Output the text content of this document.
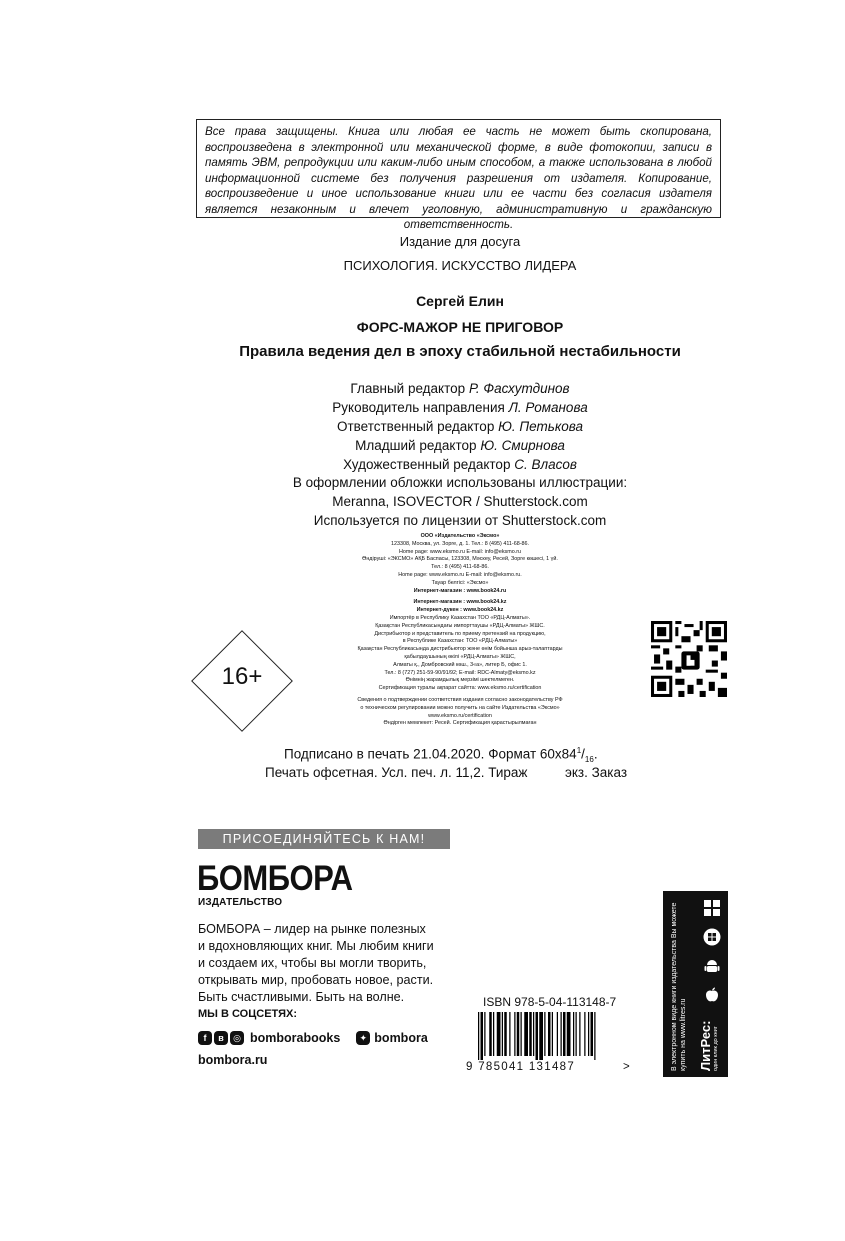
Все права защищены. Книга или любая ее часть не может быть скопирована, воспроизведена в электронной или механической форме, в виде фотокопии, записи в память ЭВМ, репродукции или каким-либо иным способом, а также использована в любой информационной системе без получения разрешения от издателя. Копирование, воспроизведение и иное использование книги или ее части без согласия издателя является незаконным и влечет уголовную, административную и гражданскую ответственность.
Издание для досуга
ПСИХОЛОГИЯ. ИСКУССТВО ЛИДЕРА
Сергей Елин
ФОРС-МАЖОР НЕ ПРИГОВОР
Правила ведения дел в эпоху стабильной нестабильности
Главный редактор Р. Фасхутдинов
Руководитель направления Л. Романова
Ответственный редактор Ю. Петькова
Младший редактор Ю. Смирнова
Художественный редактор С. Власов
В оформлении обложки использованы иллюстрации:
Meranna, ISOVECTOR / Shutterstock.com
Используется по лицензии от Shutterstock.com

ООО «Издательство «Эксмо»

123308, Москва, ул. Зорге, д. 1. Тел.: 8 (495) 411-68-86.

Home page: www.eksmo.ru E-mail: info@eksmo.ru

Өндіруші: «ЭКСМО» АҚБ Баспасы, 123308, Мәскеу, Ресей, Зорге көшесі, 1 үй.

Тел.: 8 (495) 411-68-86.

Home page: www.eksmo.ru E-mail: info@eksmo.ru.

Тауар белгісі: «Эксмо»

Интернет-магазин : www.book24.ru

Интернет-магазин : www.book24.kz

Интернет-дүкен : www.book24.kz

Импортёр в Республику Казахстан ТОО «РДЦ-Алматы».

Қазақстан Республикасындағы импорттаушы «РДЦ-Алматы» ЖШС.

Дистрибьютор и представитель по приему претензий на продукцию,

в Республике Казахстан: ТОО «РДЦ-Алматы»

Қазақстан Республикасында дистрибьютор және өнім бойынша арыз-талаптарды

қабылдаушының өкілі «РДЦ-Алматы» ЖШС,

Алматы қ., Домбровский көш., 3«а», литер Б, офис 1.

Тел.: 8 (727) 251-59-90/91/92; E-mail: RDC-Almaty@eksmo.kz

Өнімнің жарамдылық мерзімі шектелмеген.

Сертификация туралы ақпарат сайтта: www.eksmo.ru/certification

Сведения о подтверждении соответствия издания согласно законодательству РФ

о техническом регулировании можно получить на сайте Издательства «Эксмо»

www.eksmo.ru/certification

Өндірген мемлекет: Ресей. Сертификация қарастырылмаған

16+
Подписано в печать 21.04.2020. Формат $60х84^1/_{16}$.
Печать офсетная. Усл. печ. л. 11,2. Тираж          экз. Заказ
ПРИСОЕДИНЯЙТЕСЬ К НАМ!
БОМБОРА
ИЗДАТЕЛЬСТВО
БОМБОРА – лидер на рынке полезных
и вдохновляющих книг. Мы любим книги
и создаем их, чтобы вы могли творить,
открывать мир, пробовать новое, расти.
Быть счастливыми. Быть на волне.
МЫ В СОЦСЕТЯХ:
f	в	◎ bomborabooks	✦ bombora
bombora.ru
ISBN 978-5-04-113148-7
9 785041 131487	>	В электронном виде книги издательства Вы можете купить на www.litres.ru ЛитРес: один клик до книг
